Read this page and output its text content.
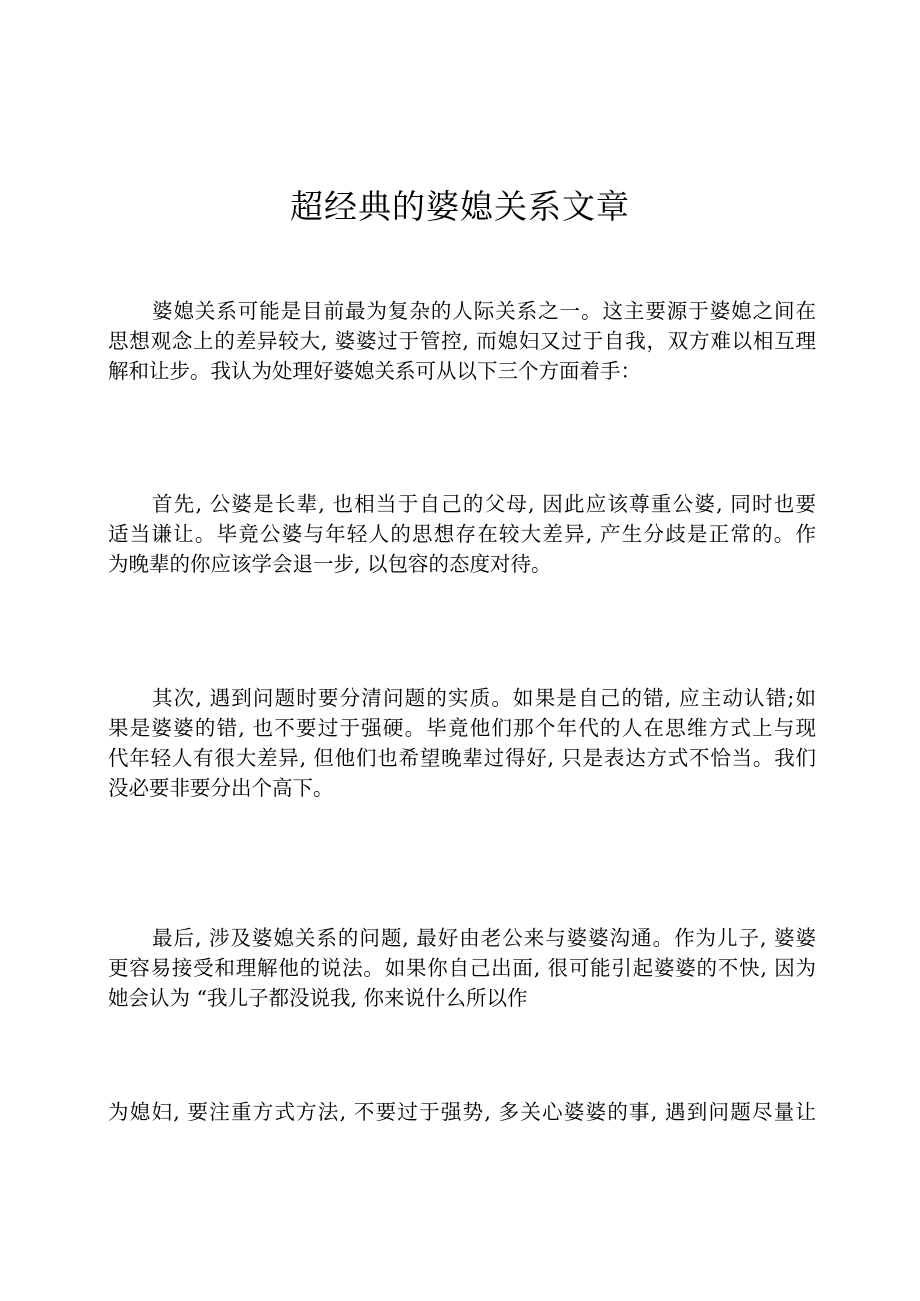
超经典的婆媳关系文章
婆媳关系可能是目前最为复杂的人际关系之一。这主要源于婆媳之间在
思想观念上的差异较大, 婆婆过于管控, 而媳妇又过于自我，双方难以相互理
解和让步。我认为处理好婆媳关系可从以下三个方面着手：
首先, 公婆是长辈, 也相当于自己的父母, 因此应该尊重公婆, 同时也要
适当谦让。毕竟公婆与年轻人的思想存在较大差异, 产生分歧是正常的。作
为晚辈的你应该学会退一步, 以包容的态度对待。
其次, 遇到问题时要分清问题的实质。如果是自己的错, 应主动认错;如
果是婆婆的错, 也不要过于强硬。毕竟他们那个年代的人在思维方式上与现
代年轻人有很大差异, 但他们也希望晚辈过得好, 只是表达方式不恰当。我们
没必要非要分出个高下。
最后, 涉及婆媳关系的问题, 最好由老公来与婆婆沟通。作为儿子, 婆婆
更容易接受和理解他的说法。如果你自己出面, 很可能引起婆婆的不快, 因为
她会认为 “我儿子都没说我, 你来说什么所以作
为媳妇, 要注重方式方法, 不要过于强势, 多关心婆婆的事, 遇到问题尽量让
